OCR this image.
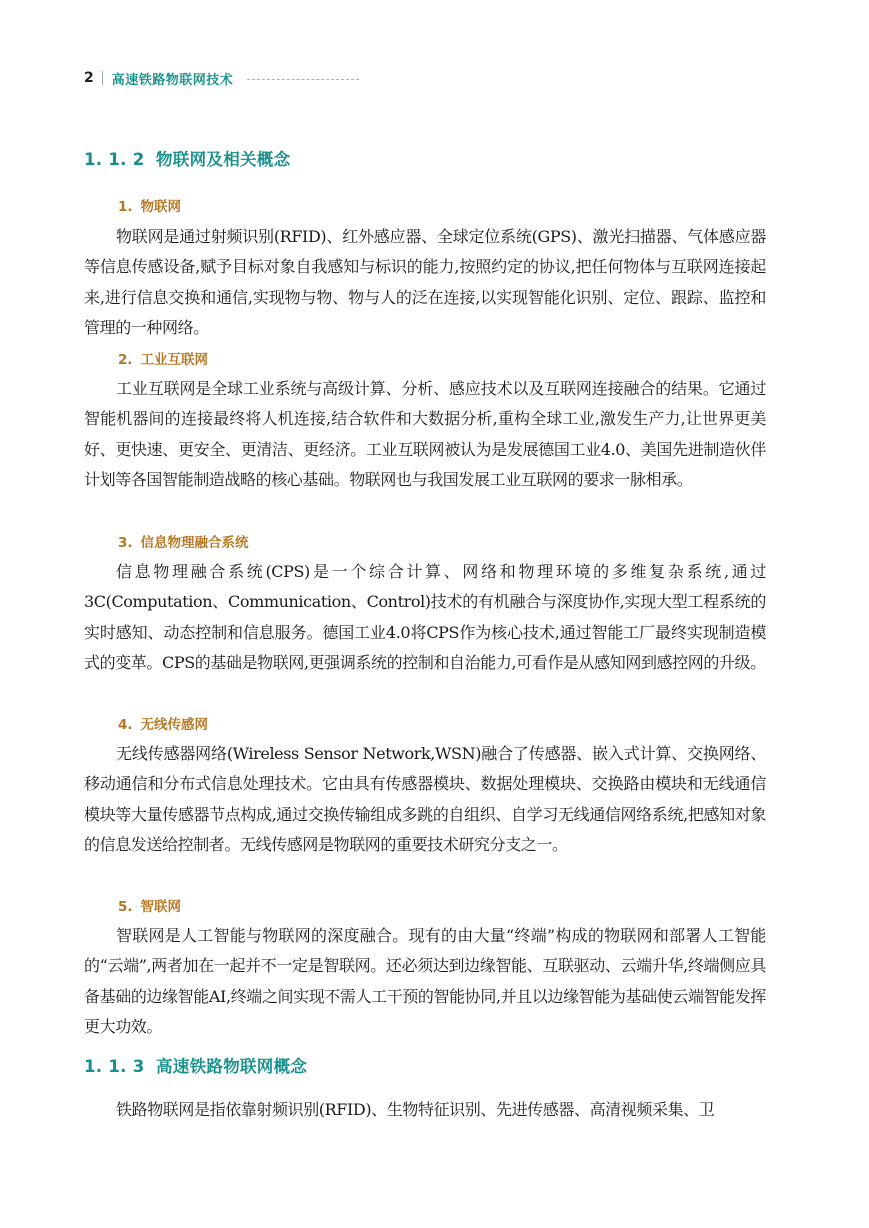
2 高速铁路物联网技术
1. 1. 2 物联网及相关概念
1. 物联网

物联网是通过射频识别(RFID)、红外感应器、全球定位系统(GPS)、激光扫描器、气体感应器等信息传感设备,赋予目标对象自我感知与标识的能力,按照约定的协议,把任何物体与互联网连接起来,进行信息交换和通信,实现物与物、物与人的泛在连接,以实现智能化识别、定位、跟踪、监控和管理的一种网络。

2. 工业互联网

工业互联网是全球工业系统与高级计算、分析、感应技术以及互联网连接融合的结果。它通过智能机器间的连接最终将人机连接,结合软件和大数据分析,重构全球工业,激发生产力,让世界更美好、更快速、更安全、更清洁、更经济。工业互联网被认为是发展德国工业4.0、美国先进制造伙伴计划等各国智能制造战略的核心基础。物联网也与我国发展工业互联网的要求一脉相承。

3. 信息物理融合系统

信息物理融合系统(CPS)是一个综合计算、网络和物理环境的多维复杂系统,通过3C(Computation、Communication、Control)技术的有机融合与深度协作,实现大型工程系统的实时感知、动态控制和信息服务。德国工业4.0将CPS作为核心技术,通过智能工厂最终实现制造模式的变革。CPS的基础是物联网,更强调系统的控制和自治能力,可看作是从感知网到感控网的升级。

4. 无线传感网

无线传感器网络(Wireless Sensor Network,WSN)融合了传感器、嵌入式计算、交换网络、移动通信和分布式信息处理技术。它由具有传感器模块、数据处理模块、交换路由模块和无线通信模块等大量传感器节点构成,通过交换传输组成多跳的自组织、自学习无线通信网络系统,把感知对象的信息发送给控制者。无线传感网是物联网的重要技术研究分支之一。

5. 智联网

智联网是人工智能与物联网的深度融合。现有的由大量“终端”构成的物联网和部署人工智能的“云端”,两者加在一起并不一定是智联网。还必须达到边缘智能、互联驱动、云端升华,终端侧应具备基础的边缘智能AI,终端之间实现不需人工干预的智能协同,并且以边缘智能为基础使云端智能发挥更大功效。

1. 1. 3 高速铁路物联网概念

铁路物联网是指依靠射频识别(RFID)、生物特征识别、先进传感器、高清视频采集、卫
